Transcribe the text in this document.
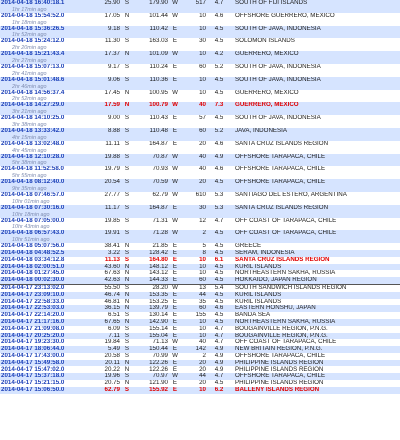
2014-04-18 16:40:18.1	25.90	S	179.90	W	517	4.7	SOUTH OF FIJI ISLANDS
1hr 17min ago							
2014-04-18 15:54:52.0	17.05	N	101.44	W	10	4.6	OFFSHORE GUERRERO, MEXICO
1hr 18min ago							
2014-04-18 15:36:26.5	9.18	S	110.42	E	10	4.5	SOUTH OF JAVA, INDONESIA
1hr 52min ago							
2014-04-18 15:24:12.0	11.30	S	163.03	E	30	4.5	SOLOMON ISLANDS
2hr 20min ago							
2014-04-18 15:21:43.4	17.37	N	101.09	W	10	4.2	GUERRERO, MEXICO
2hr 27min ago							
2014-04-18 15:07:13.0	9.17	S	110.24	E	60	5.2	SOUTH OF JAVA, INDONESIA
2hr 41min ago							
2014-04-18 15:01:48.6	9.06	S	110.36	E	10	4.5	SOUTH OF JAVA, INDONESIA
2hr 46min ago							
2014-04-18 14:56:37.4	17.45	N	100.95	W	10	4.5	GUERRERO, MEXICO
2hr 52min ago							
2014-04-18 14:27:29.0	17.59	N	100.79	W	40	7.3	GUERRERO, MEXICO
3hr 21min ago							
2014-04-18 14:10:25.0	9.00	S	110.43	E	57	4.5	SOUTH OF JAVA, INDONESIA
3hr 38min ago							
2014-04-18 13:33:42.0	8.88	S	110.48	E	60	5.2	JAVA, INDONESIA
4hr 15min ago							
2014-04-18 13:02:48.0	11.11	S	164.87	E	20	4.6	SANTA CRUZ ISLANDS REGION
4hr 45min ago							
2014-04-18 12:10:28.0	19.88	S	70.87	W	40	4.9	OFFSHORE TARAPACA, CHILE
5hr 38min ago							
2014-04-18 11:52:58.0	19.79	S	70.93	W	40	4.6	OFFSHORE TARAPACA, CHILE
5hr 55min ago							
2014-04-18 08:12:40.0	20.54	S	70.59	W	20	4.5	OFFSHORE TARAPACA, CHILE
9hr 35min ago							
2014-04-18 07:46:57.0	27.77	S	62.79	W	610	5.3	SANTIAGO DEL ESTERO, ARGENTINA
10hr 01min ago							
2014-04-18 07:30:16.0	11.17	S	164.87	E	30	5.3	SANTA CRUZ ISLANDS REGION
10hr 18min ago							
2014-04-18 07:05:00.0	19.85	S	71.31	W	12	4.7	OFF COAST OF TARAPACA, CHILE
10hr 43min ago							
2014-04-18 06:57:43.0	19.91	S	71.28	W	2	4.5	OFF COAST OF TARAPACA, CHILE
10hr 51min ago							
2014-04-18 05:07:56.0	38.41	N	21.85	E	5	4.5	GREECE
2014-04-18 04:48:52.5	3.22	S	128.42	E	8	4.5	SERAM, INDONESIA
2014-04-18 03:34:12.8	11.13	S	164.80	E	10	6.1	SANTA CRUZ ISLANDS REGION
2014-04-18 02:00:51.0	43.60	N	148.12	E	10	4.5	KURIL ISLANDS
2014-04-18 01:27:45.0	67.63	N	143.12	E	10	4.5	NORTHEASTERN SAKHA, RUSSIA
2014-04-18 00:02:30.0	42.63	N	144.33	E	60	4.5	HOKKAIDO, JAPAN REGION

2014-04-17 23:13:02.0	55.50	S	28.20	W	13	5.4	SOUTH SANDWICH ISLANDS REGION
2014-04-17 23:09:10.0	46.74	N	153.35	E	44	4.5	KURIL ISLANDS
2014-04-17 22:58:33.0	46.81	N	153.25	E	35	4.5	KURIL ISLANDS
2014-04-17 22:53:03.0	36.15	N	139.79	E	60	4.6	EASTERN HONSHU, JAPAN
2014-04-17 22:14:20.0	6.51	S	130.14	E	155	4.5	BANDA SEA
2014-04-17 21:17:16.0	67.65	N	142.90	E	10	4.5	NORTHEASTERN SAKHA, RUSSIA
2014-04-17 21:09:08.0	6.09	S	155.14	E	10	4.7	BOUGAINVILLE REGION, P.N.G.
2014-04-17 20:25:20.0	7.11	S	155.04	E	10	4.7	BOUGAINVILLE REGION, P.N.G.
2014-04-17 19:23:30.0	19.84	S	71.13	W	40	4.7	OFF COAST OF TARAPACA, CHILE
2014-04-17 18:06:44.0	5.49	S	150.44	E	142	4.9	NEW BRITAIN REGION, P.N.G.
2014-04-17 17:43:00.0	20.58	S	70.99	W	2	4.9	OFFSHORE TARAPACA, CHILE
2014-04-17 15:49:58.0	20.11	N	122.26	E	20	4.9	PHILIPPINE ISLANDS REGION
2014-04-17 15:47:02.0	20.22	N	122.26	E	20	4.9	PHILIPPINE ISLANDS REGION
2014-04-17 15:37:18.0	19.96	S	70.97	W	44	4.7	OFFSHORE TARAPACA, CHILE
2014-04-17 15:21:15.0	20.75	N	121.90	E	20	4.5	PHILIPPINE ISLANDS REGION
2014-04-17 15:06:50.0	62.79	S	155.92	E	10	6.2	BALLENY ISLANDS REGION
